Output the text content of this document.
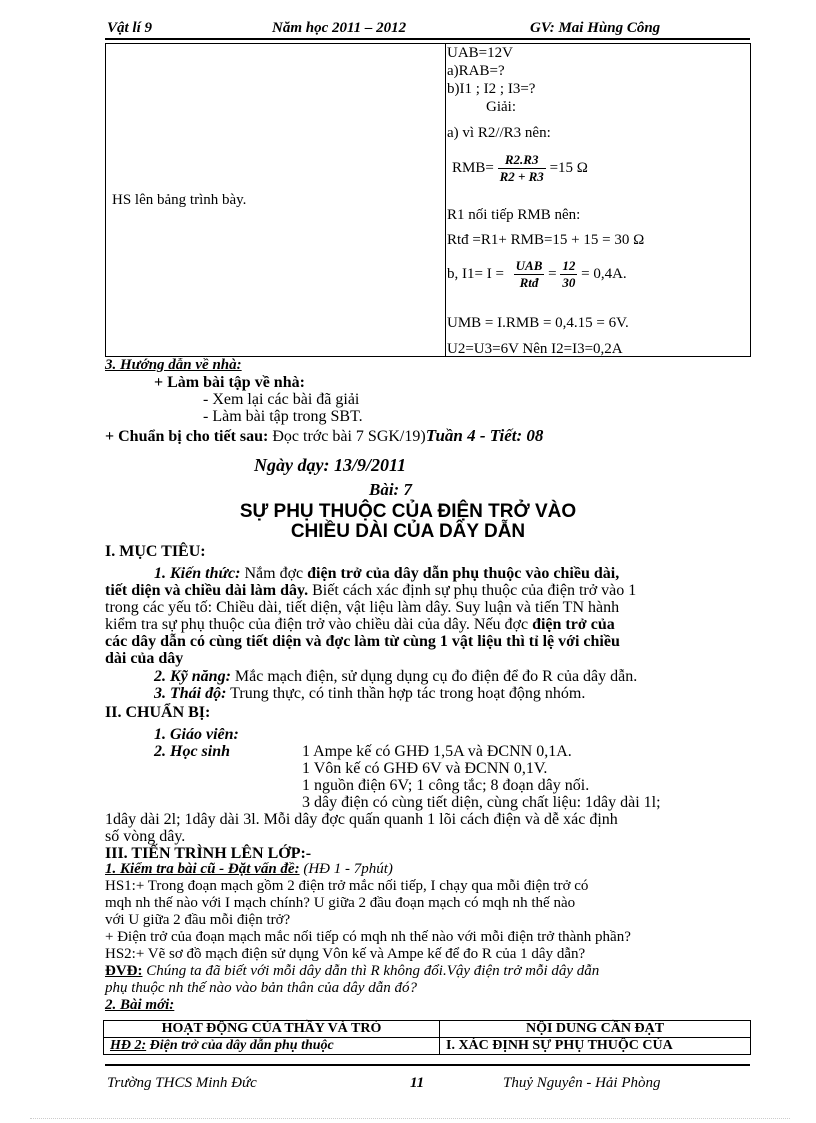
Vật lí 9	Năm học 2011 – 2012	GV: Mai Hùng Công
HS lên bảng trình bày.	
UAB=12V
a)RAB=?
b)I1 ; I2 ; I3=?
Giải:
a) vì R2//R3 nên:
$RMB= \frac{R2.R3}{R2 + R3} =15$ Ω
R1 nối tiếp RMB nên:
Rtđ =R1+ RMB=15 + 15 = 30 Ω
b, $I1= I = \frac{\text{UAB}}{\text{Rtđ}} = \frac{12}{30} = 0,4A$.
UMB = I.RMB = 0,4.15 = 6V.
U2=U3=6V Nên I2=I3=0,2A
3. Hướng dẫn về nhà:
+ Làm bài tập về nhà:
- Xem lại các bài đã giải
- Làm bài tập trong SBT.
+ Chuẩn bị cho tiết sau: Đọc trớc bài 7 SGK/19)Tuần 4 - Tiết: 08
Ngày dạy: 13/9/2011
Bài: 7
SỰ PHỤ THUỘC CỦA ĐIỆN TRỞ VÀO
CHIỀU DÀI CỦA DÂY DẪN
I. MỤC TIÊU:
1. Kiến thức: Nắm đợc điện trở của dây dẫn phụ thuộc vào chiều dài,
tiết diện và chiều dài làm dây. Biết cách xác định sự phụ thuộc của điện trở vào 1
trong các yếu tố: Chiều dài, tiết diện, vật liệu làm dây. Suy luận và tiến TN hành
kiểm tra sự phụ thuộc của điện trở vào chiều dài của dây. Nếu đợc điện trở của
các dây dẫn có cùng tiết diện và đợc làm từ cùng 1 vật liệu thì tỉ lệ với chiều
dài của dây
2. Kỹ năng: Mắc mạch điện, sử dụng dụng cụ đo điện để đo R của dây dẫn.
3. Thái độ: Trung thực, có tinh thần hợp tác trong hoạt động nhóm.
II. CHUẨN BỊ:
1. Giáo viên:
2. Học sinh	1 Ampe kế có GHĐ 1,5A và ĐCNN 0,1A.
1 Vôn kế có GHĐ 6V và ĐCNN 0,1V.
1 nguồn điện 6V; 1 công tắc; 8 đoạn dây nối.
3 dây điện có cùng tiết diện, cùng chất liệu: 1dây dài 1l;
1dây dài 2l; 1dây dài 3l. Mỗi dây đợc quấn quanh 1 lõi cách điện và dễ xác định
số vòng dây.
III. TIẾN TRÌNH LÊN LỚP:-
1. Kiểm tra bài cũ - Đặt vấn đề: (HĐ 1 - 7phút)
HS1:+ Trong đoạn mạch gồm 2 điện trở mắc nối tiếp, I chạy qua mỗi điện trở có
mqh nh thế nào với I mạch chính? U giữa 2 đầu đoạn mạch có mqh nh thế nào
với U giữa 2 đầu mỗi điện trở?
+ Điện trở của đoạn mạch mắc nối tiếp có mqh nh thế nào với mỗi điện trở thành phần?
HS2:+ Vẽ sơ đồ mạch điện sử dụng Vôn kế và Ampe kế để đo R của 1 dây dẫn?
ĐVĐ: Chúng ta đã biết với mỗi dây dẫn thì R không đổi.Vậy điện trở mỗi dây dẫn
phụ thuộc nh thế nào vào bản thân của dây dẫn đó?
2. Bài mới:
HOẠT ĐỘNG CỦA THẦY VÀ TRÒ	NỘI DUNG CẦN ĐẠT
HĐ 2: Điện trở của dây dẫn phụ thuộc	I. XÁC ĐỊNH SỰ PHỤ THUỘC CỦA
Trường THCS Minh Đức	11	Thuỷ Nguyên - Hải Phòng
